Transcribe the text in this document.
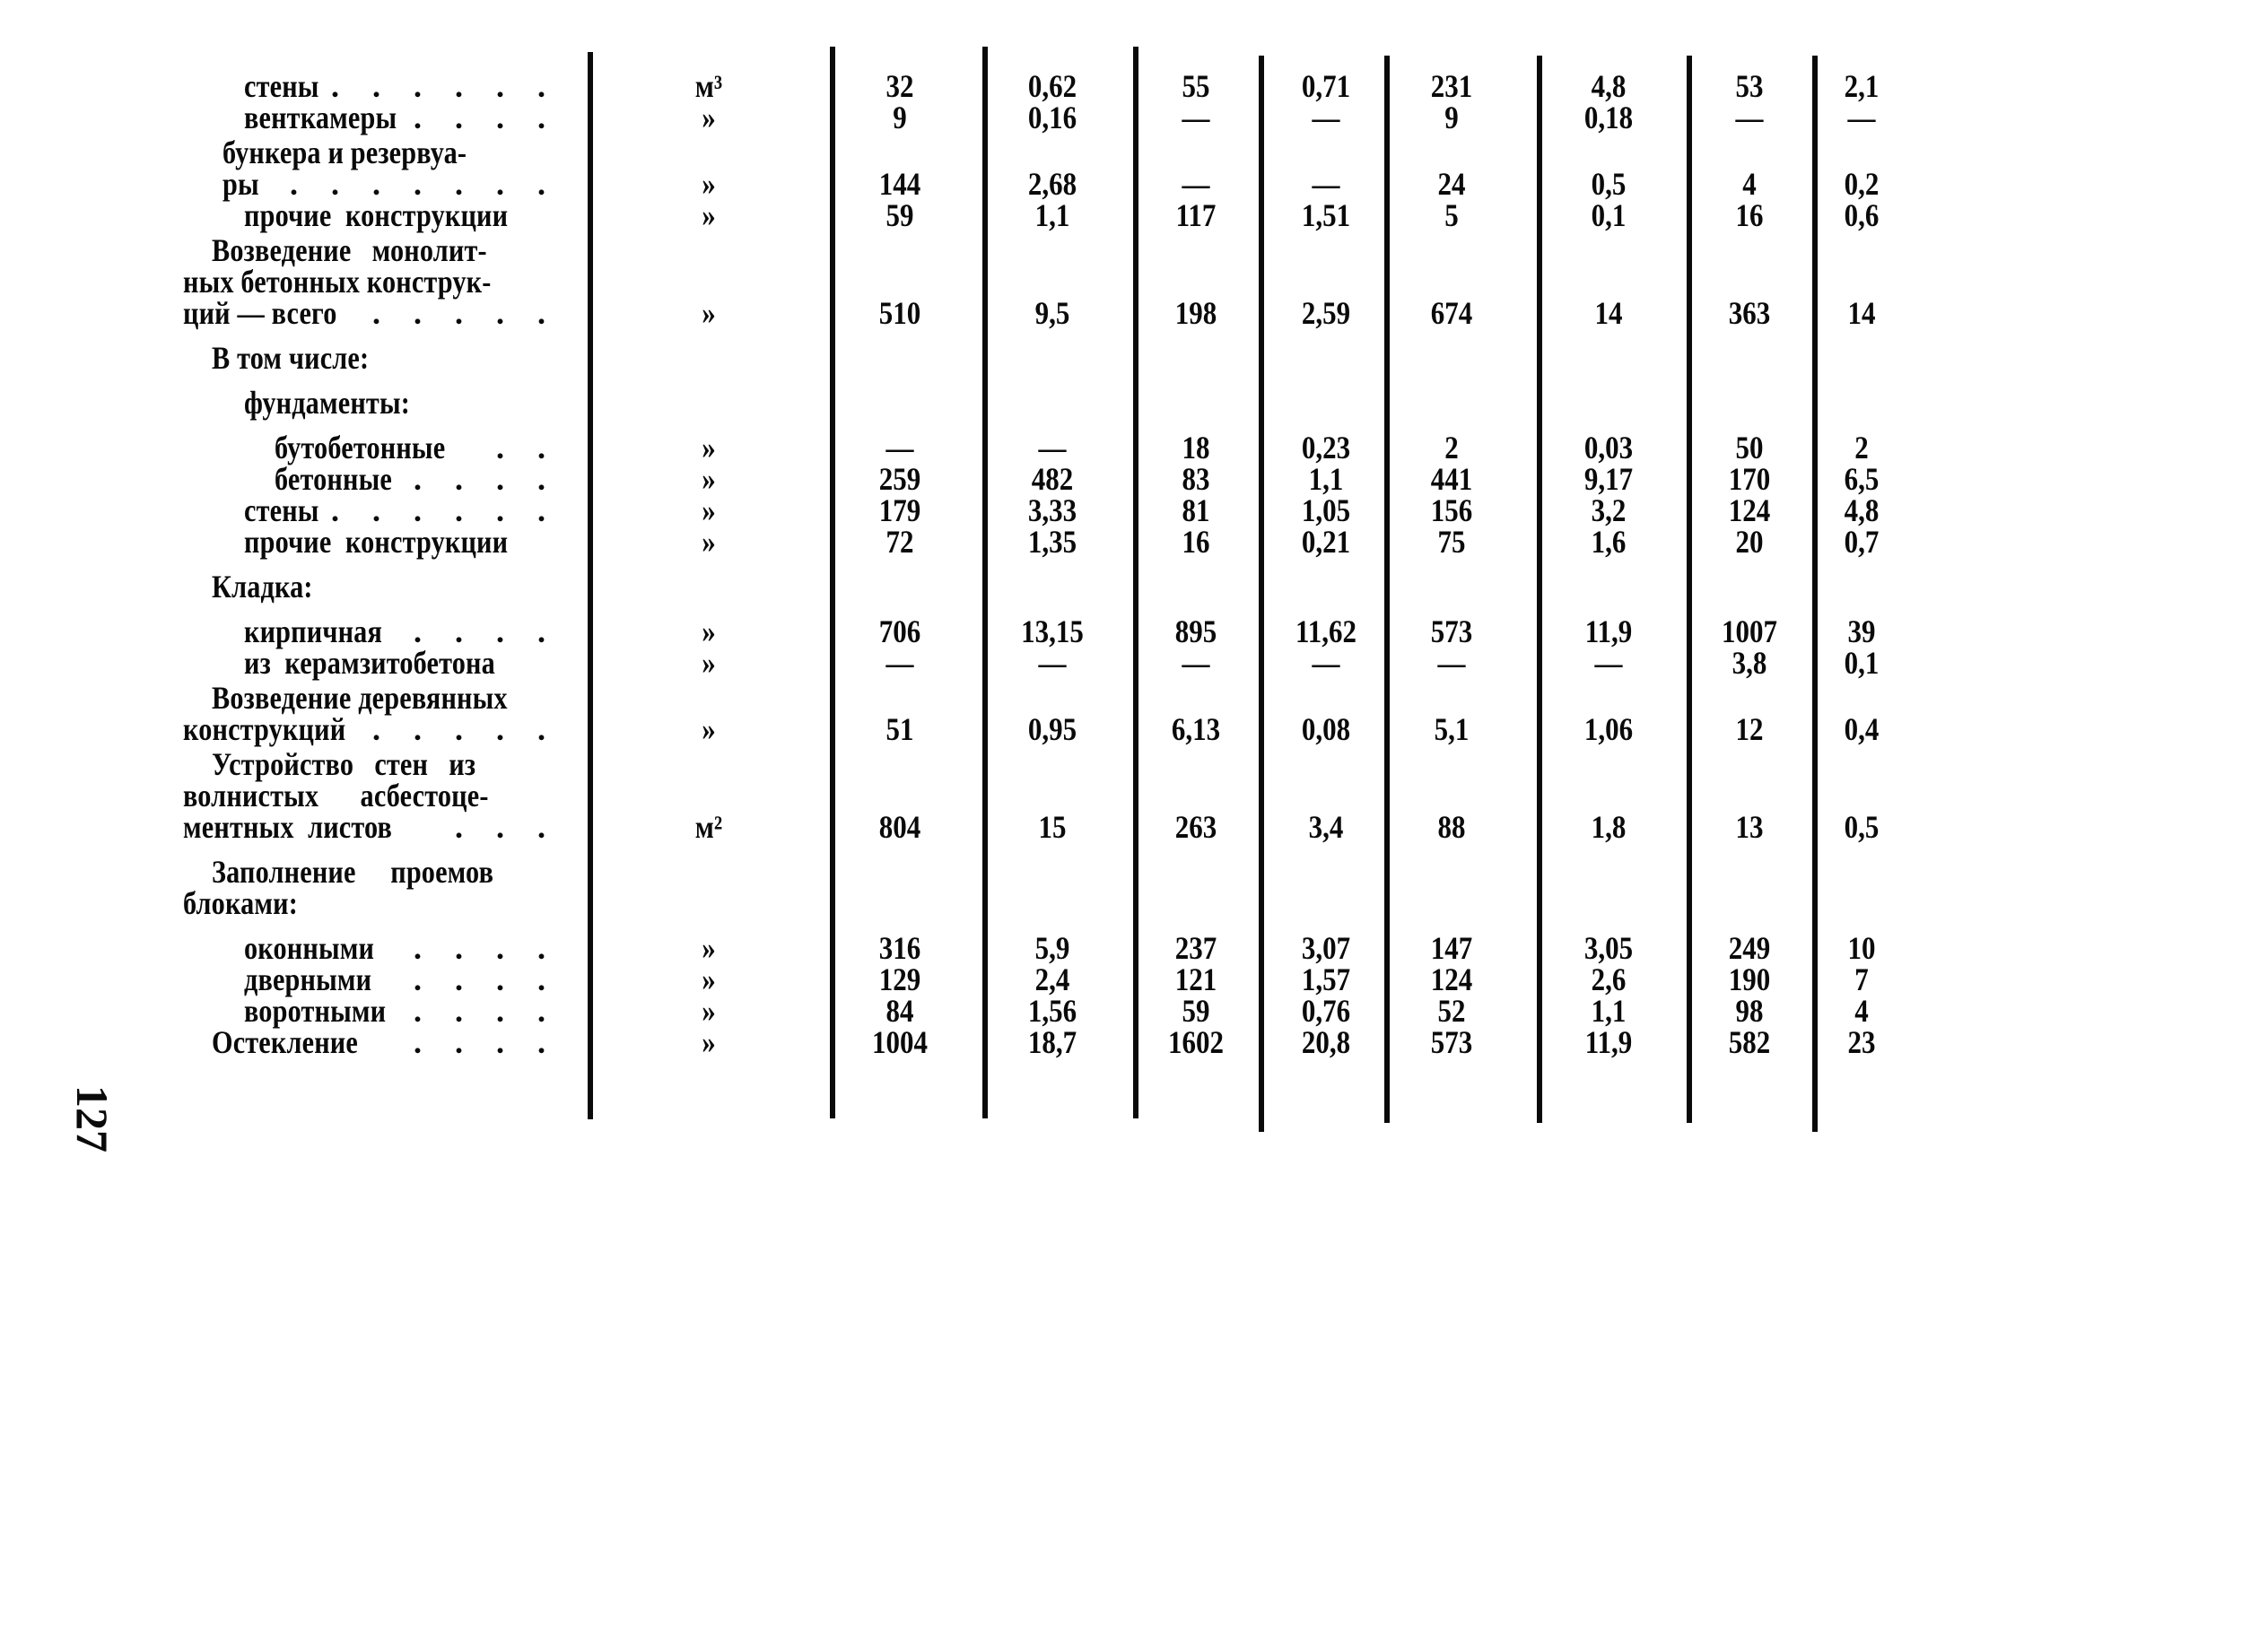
стены . . . . . .	м³	32	0,62	55	0,71	231	4,8	53	2,1
венткамеры . . . .	»	9	0,16	—	—	9	0,18	—	—
бункера и резервуа-
ры . . . . . . .	»	144	2,68	—	—	24	0,5	4	0,2
прочие  конструкции	»	59	1,1	117	1,51	5	0,1	16	0,6
Возведение   монолит-
ных бетонных конструк-
ций — всего . . . . .	»	510	9,5	198	2,59	674	14	363	14
В том числе:
фундаменты:
бутобетонные . .	»	—	—	18	0,23	2	0,03	50	2
бетонные . . . .	»	259	482	83	1,1	441	9,17	170	6,5
стены . . . . . .	»	179	3,33	81	1,05	156	3,2	124	4,8
прочие  конструкции	»	72	1,35	16	0,21	75	1,6	20	0,7
Кладка:
кирпичная . . . .	»	706	13,15	895	11,62	573	11,9	1007	39
из  керамзитобетона	»	—	—	—	—	—	—	3,8	0,1
Возведение деревянных
конструкций . . . . .	»	51	0,95	6,13	0,08	5,1	1,06	12	0,4
Устройство   стен   из
волнистых      асбестоце-
ментных  листов . . .	м²	804	15	263	3,4	88	1,8	13	0,5
Заполнение     проемов
блоками:
оконными . . . .	»	316	5,9	237	3,07	147	3,05	249	10
дверными . . . .	»	129	2,4	121	1,57	124	2,6	190	7
воротными . . . .	»	84	1,56	59	0,76	52	1,1	98	4
Остекление . . . .	»	1004	18,7	1602	20,8	573	11,9	582	23
127
